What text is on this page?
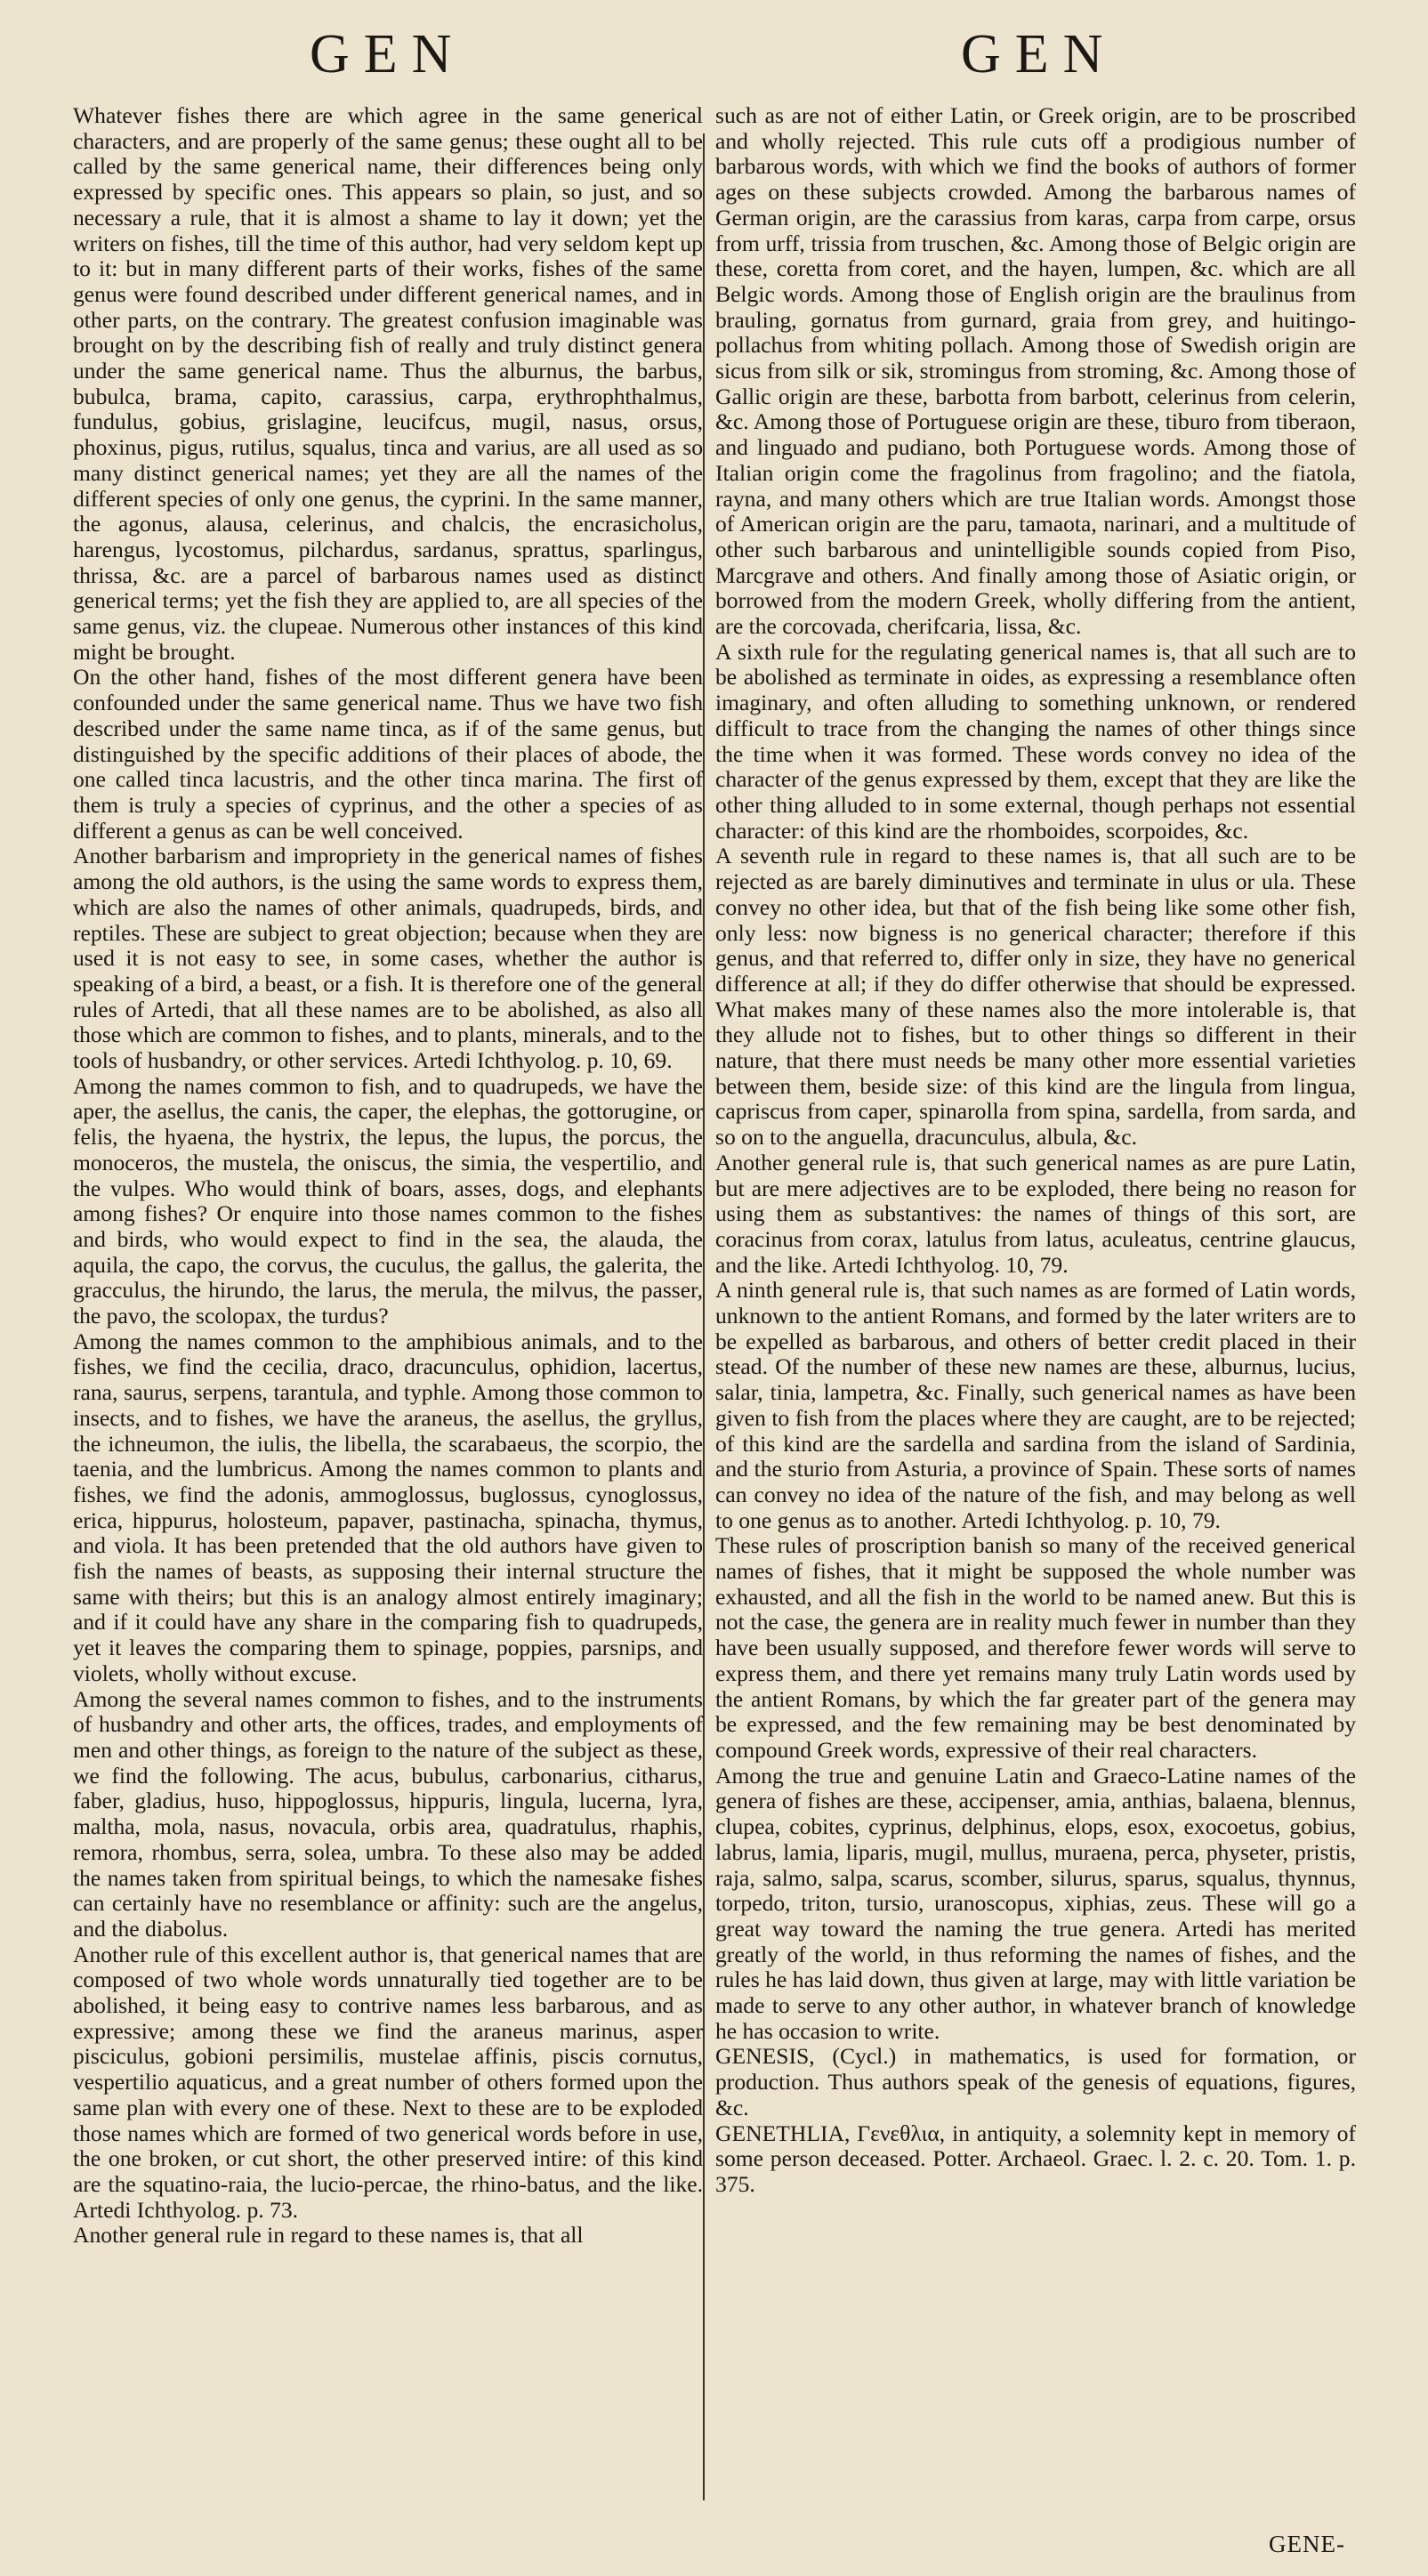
GEN	GEN

Whatever fishes there are which agree in the same generical characters, and are properly of the same genus; these ought all to be called by the same generical name, their differences being only expressed by specific ones. This appears so plain, so just, and so necessary a rule, that it is almost a shame to lay it down; yet the writers on fishes, till the time of this author, had very seldom kept up to it: but in many different parts of their works, fishes of the same genus were found described under different generical names, and in other parts, on the contrary. The greatest confusion imaginable was brought on by the describing fish of really and truly distinct genera under the same generical name. Thus the alburnus, the barbus, bubulca, brama, capito, carassius, carpa, erythrophthalmus, fundulus, gobius, grislagine, leucifcus, mugil, nasus, orsus, phoxinus, pigus, rutilus, squalus, tinca and varius, are all used as so many distinct generical names; yet they are all the names of the different species of only one genus, the cyprini. In the same manner, the agonus, alausa, celerinus, and chalcis, the encrasicholus, harengus, lycostomus, pilchardus, sardanus, sprattus, sparlingus, thrissa, &c. are a parcel of barbarous names used as distinct generical terms; yet the fish they are applied to, are all species of the same genus, viz. the clupeae. Numerous other instances of this kind might be brought.

On the other hand, fishes of the most different genera have been confounded under the same generical name. Thus we have two fish described under the same name tinca, as if of the same genus, but distinguished by the specific additions of their places of abode, the one called tinca lacustris, and the other tinca marina. The first of them is truly a species of cyprinus, and the other a species of as different a genus as can be well conceived.

Another barbarism and impropriety in the generical names of fishes among the old authors, is the using the same words to express them, which are also the names of other animals, quadrupeds, birds, and reptiles. These are subject to great objection; because when they are used it is not easy to see, in some cases, whether the author is speaking of a bird, a beast, or a fish. It is therefore one of the general rules of Artedi, that all these names are to be abolished, as also all those which are common to fishes, and to plants, minerals, and to the tools of husbandry, or other services. Artedi Ichthyolog. p. 10, 69.

Among the names common to fish, and to quadrupeds, we have the aper, the asellus, the canis, the caper, the elephas, the gottorugine, or felis, the hyaena, the hystrix, the lepus, the lupus, the porcus, the monoceros, the mustela, the oniscus, the simia, the vespertilio, and the vulpes. Who would think of boars, asses, dogs, and elephants among fishes? Or enquire into those names common to the fishes and birds, who would expect to find in the sea, the alauda, the aquila, the capo, the corvus, the cuculus, the gallus, the galerita, the gracculus, the hirundo, the larus, the merula, the milvus, the passer, the pavo, the scolopax, the turdus?

Among the names common to the amphibious animals, and to the fishes, we find the cecilia, draco, dracunculus, ophidion, lacertus, rana, saurus, serpens, tarantula, and typhle. Among those common to insects, and to fishes, we have the araneus, the asellus, the gryllus, the ichneumon, the iulis, the libella, the scarabaeus, the scorpio, the taenia, and the lumbricus. Among the names common to plants and fishes, we find the adonis, ammoglossus, buglossus, cynoglossus, erica, hippurus, holosteum, papaver, pastinacha, spinacha, thymus, and viola. It has been pretended that the old authors have given to fish the names of beasts, as supposing their internal structure the same with theirs; but this is an analogy almost entirely imaginary; and if it could have any share in the comparing fish to quadrupeds, yet it leaves the comparing them to spinage, poppies, parsnips, and violets, wholly without excuse.

Among the several names common to fishes, and to the instruments of husbandry and other arts, the offices, trades, and employments of men and other things, as foreign to the nature of the subject as these, we find the following. The acus, bubulus, carbonarius, citharus, faber, gladius, huso, hippoglossus, hippuris, lingula, lucerna, lyra, maltha, mola, nasus, novacula, orbis area, quadratulus, rhaphis, remora, rhombus, serra, solea, umbra. To these also may be added the names taken from spiritual beings, to which the namesake fishes can certainly have no resemblance or affinity: such are the angelus, and the diabolus.

Another rule of this excellent author is, that generical names that are composed of two whole words unnaturally tied together are to be abolished, it being easy to contrive names less barbarous, and as expressive; among these we find the araneus marinus, asper pisciculus, gobioni persimilis, mustelae affinis, piscis cornutus, vespertilio aquaticus, and a great number of others formed upon the same plan with every one of these. Next to these are to be exploded those names which are formed of two generical words before in use, the one broken, or cut short, the other preserved intire: of this kind are the squatino-raia, the lucio-percae, the rhino-batus, and the like. Artedi Ichthyolog. p. 73.

Another general rule in regard to these names is, that all

such as are not of either Latin, or Greek origin, are to be proscribed and wholly rejected. This rule cuts off a prodigious number of barbarous words, with which we find the books of authors of former ages on these subjects crowded. Among the barbarous names of German origin, are the carassius from karas, carpa from carpe, orsus from urff, trissia from truschen, &c. Among those of Belgic origin are these, coretta from coret, and the hayen, lumpen, &c. which are all Belgic words. Among those of English origin are the braulinus from brauling, gornatus from gurnard, graia from grey, and huitingo-pollachus from whiting pollach. Among those of Swedish origin are sicus from silk or sik, stromingus from stroming, &c. Among those of Gallic origin are these, barbotta from barbott, celerinus from celerin, &c. Among those of Portuguese origin are these, tiburo from tiberaon, and linguado and pudiano, both Portuguese words. Among those of Italian origin come the fragolinus from fragolino; and the fiatola, rayna, and many others which are true Italian words. Amongst those of American origin are the paru, tamaota, narinari, and a multitude of other such barbarous and unintelligible sounds copied from Piso, Marcgrave and others. And finally among those of Asiatic origin, or borrowed from the modern Greek, wholly differing from the antient, are the corcovada, cherifcaria, lissa, &c.

A sixth rule for the regulating generical names is, that all such are to be abolished as terminate in oides, as expressing a resemblance often imaginary, and often alluding to something unknown, or rendered difficult to trace from the changing the names of other things since the time when it was formed. These words convey no idea of the character of the genus expressed by them, except that they are like the other thing alluded to in some external, though perhaps not essential character: of this kind are the rhomboides, scorpoides, &c.

A seventh rule in regard to these names is, that all such are to be rejected as are barely diminutives and terminate in ulus or ula. These convey no other idea, but that of the fish being like some other fish, only less: now bigness is no generical character; therefore if this genus, and that referred to, differ only in size, they have no generical difference at all; if they do differ otherwise that should be expressed. What makes many of these names also the more intolerable is, that they allude not to fishes, but to other things so different in their nature, that there must needs be many other more essential varieties between them, beside size: of this kind are the lingula from lingua, capriscus from caper, spinarolla from spina, sardella, from sarda, and so on to the anguella, dracunculus, albula, &c.

Another general rule is, that such generical names as are pure Latin, but are mere adjectives are to be exploded, there being no reason for using them as substantives: the names of things of this sort, are coracinus from corax, latulus from latus, aculeatus, centrine glaucus, and the like. Artedi Ichthyolog. 10, 79.

A ninth general rule is, that such names as are formed of Latin words, unknown to the antient Romans, and formed by the later writers are to be expelled as barbarous, and others of better credit placed in their stead. Of the number of these new names are these, alburnus, lucius, salar, tinia, lampetra, &c. Finally, such generical names as have been given to fish from the places where they are caught, are to be rejected; of this kind are the sardella and sardina from the island of Sardinia, and the sturio from Asturia, a province of Spain. These sorts of names can convey no idea of the nature of the fish, and may belong as well to one genus as to another. Artedi Ichthyolog. p. 10, 79.

These rules of proscription banish so many of the received generical names of fishes, that it might be supposed the whole number was exhausted, and all the fish in the world to be named anew. But this is not the case, the genera are in reality much fewer in number than they have been usually supposed, and therefore fewer words will serve to express them, and there yet remains many truly Latin words used by the antient Romans, by which the far greater part of the genera may be expressed, and the few remaining may be best denominated by compound Greek words, expressive of their real characters.

Among the true and genuine Latin and Graeco-Latine names of the genera of fishes are these, accipenser, amia, anthias, balaena, blennus, clupea, cobites, cyprinus, delphinus, elops, esox, exocoetus, gobius, labrus, lamia, liparis, mugil, mullus, muraena, perca, physeter, pristis, raja, salmo, salpa, scarus, scomber, silurus, sparus, squalus, thynnus, torpedo, triton, tursio, uranoscopus, xiphias, zeus. These will go a great way toward the naming the true genera. Artedi has merited greatly of the world, in thus reforming the names of fishes, and the rules he has laid down, thus given at large, may with little variation be made to serve to any other author, in whatever branch of knowledge he has occasion to write.

GENESIS, (Cycl.) in mathematics, is used for formation, or production. Thus authors speak of the genesis of equations, figures, &c.

GENETHLIA, Γενεθλια, in antiquity, a solemnity kept in memory of some person deceased. Potter. Archaeol. Graec. l. 2. c. 20. Tom. 1. p. 375.

GENE-
